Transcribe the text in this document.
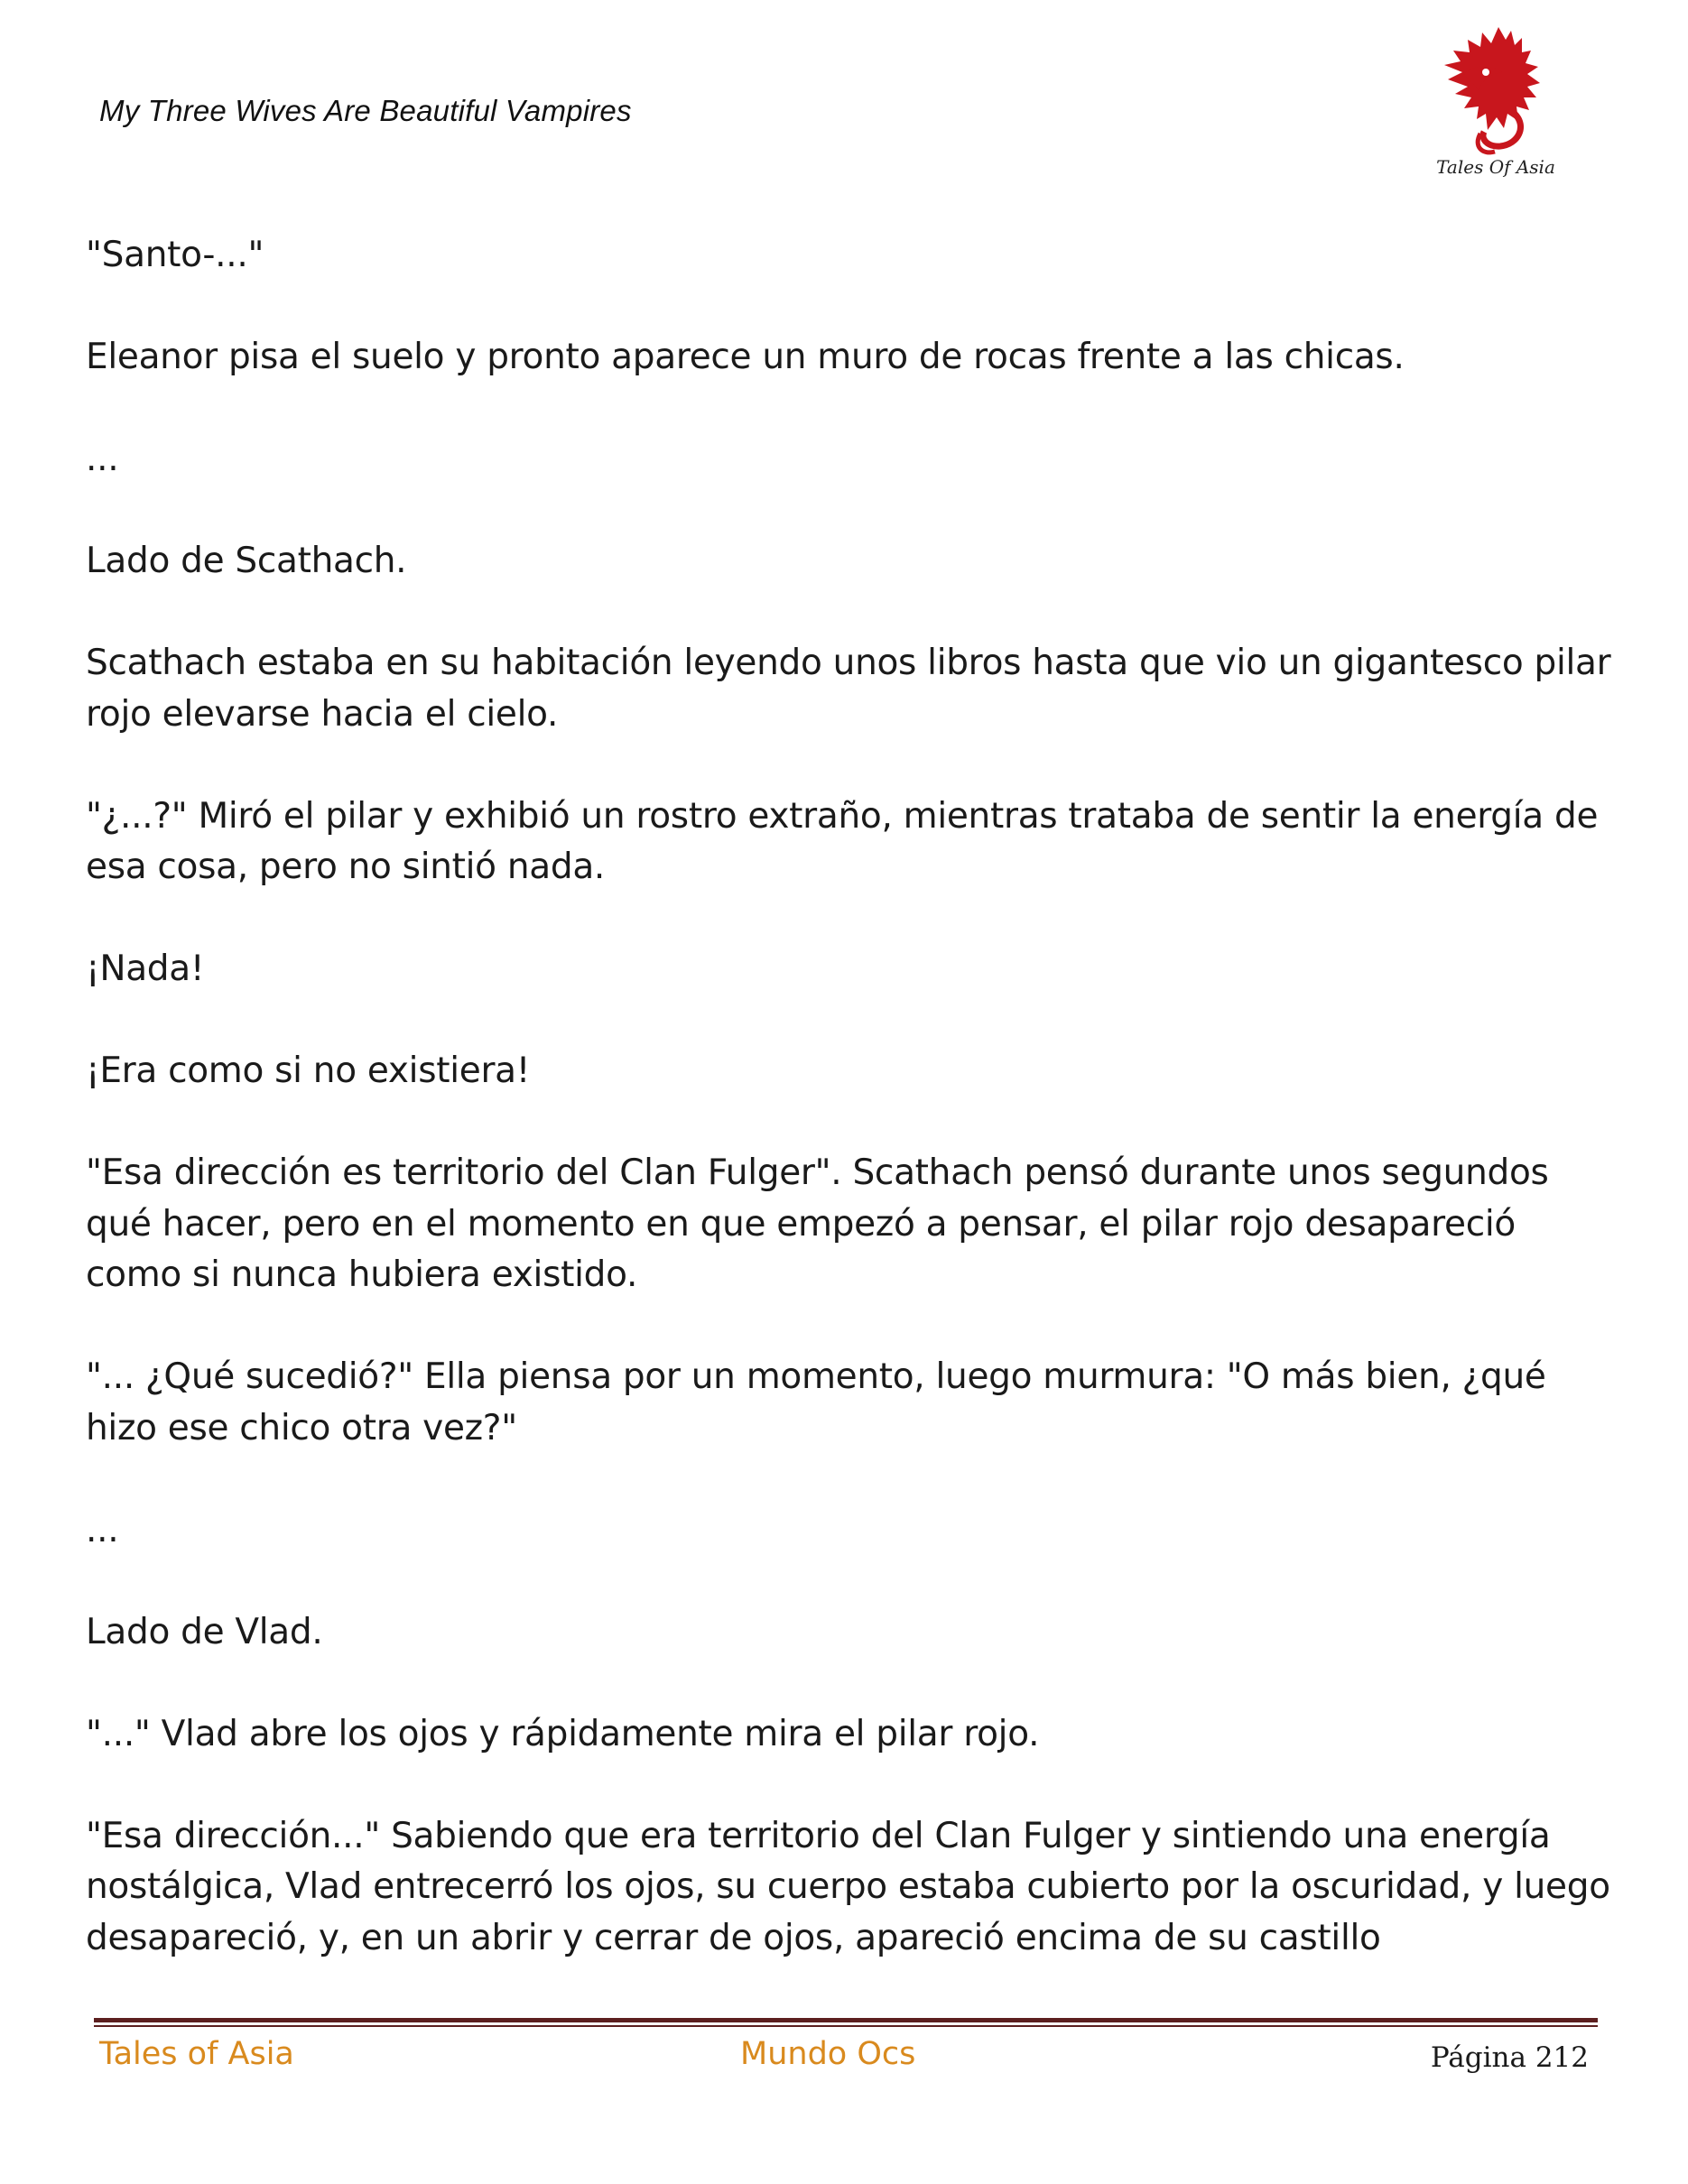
My Three Wives Are Beautiful Vampires
Tales Of Asia

"Santo-..."

Eleanor pisa el suelo y pronto aparece un muro de rocas frente a las chicas.

...

Lado de Scathach.

Scathach estaba en su habitación leyendo unos libros hasta que vio un gigantesco pilar rojo elevarse hacia el cielo.

"¿...?" Miró el pilar y exhibió un rostro extraño, mientras trataba de sentir la energía de esa cosa, pero no sintió nada.

¡Nada!

¡Era como si no existiera!

"Esa dirección es territorio del Clan Fulger". Scathach pensó durante unos segundos qué hacer, pero en el momento en que empezó a pensar, el pilar rojo desapareció como si nunca hubiera existido.

"... ¿Qué sucedió?" Ella piensa por un momento, luego murmura: "O más bien, ¿qué hizo ese chico otra vez?"

...

Lado de Vlad.

"..." Vlad abre los ojos y rápidamente mira el pilar rojo.

"Esa dirección..." Sabiendo que era territorio del Clan Fulger y sintiendo una energía nostálgica, Vlad entrecerró los ojos, su cuerpo estaba cubierto por la oscuridad, y luego desapareció, y, en un abrir y cerrar de ojos, apareció encima de su castillo

Tales of Asia	Mundo Ocs	Página 212
